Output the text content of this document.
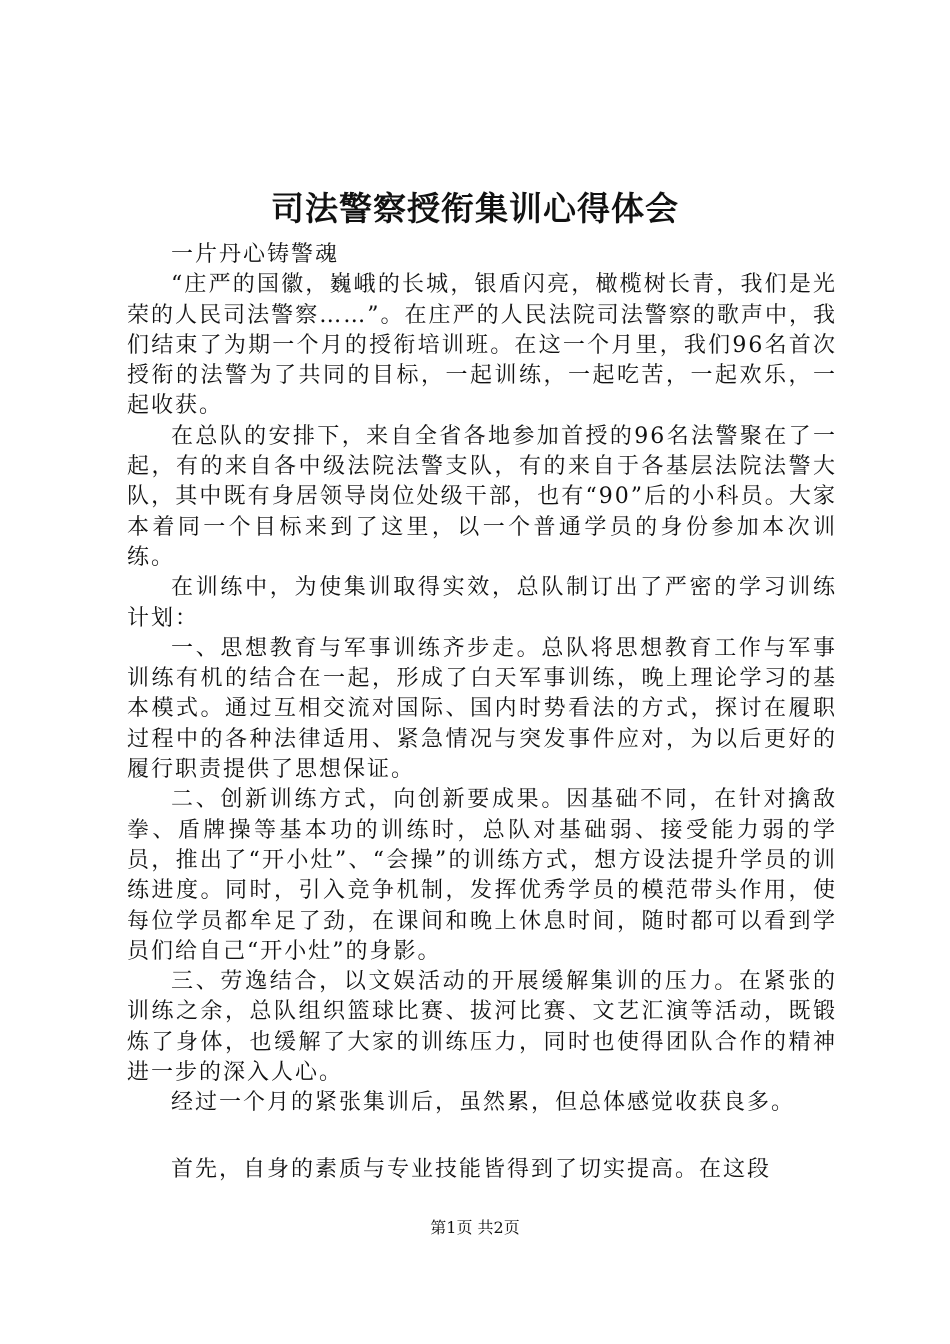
司法警察授衔集训心得体会

一片丹心铸警魂

“庄严的国徽，巍峨的长城，银盾闪亮，橄榄树长青，我们是光荣的人民司法警察……”。在庄严的人民法院司法警察的歌声中，我们结束了为期一个月的授衔培训班。在这一个月里，我们96名首次授衔的法警为了共同的目标，一起训练，一起吃苦，一起欢乐，一起收获。

在总队的安排下，来自全省各地参加首授的96名法警聚在了一起，有的来自各中级法院法警支队，有的来自于各基层法院法警大队，其中既有身居领导岗位处级干部，也有“90”后的小科员。大家本着同一个目标来到了这里，以一个普通学员的身份参加本次训练。

在训练中，为使集训取得实效，总队制订出了严密的学习训练计划：

一、思想教育与军事训练齐步走。总队将思想教育工作与军事训练有机的结合在一起，形成了白天军事训练，晚上理论学习的基本模式。通过互相交流对国际、国内时势看法的方式，探讨在履职过程中的各种法律适用、紧急情况与突发事件应对，为以后更好的履行职责提供了思想保证。

二、创新训练方式，向创新要成果。因基础不同，在针对擒敌拳、盾牌操等基本功的训练时，总队对基础弱、接受能力弱的学员，推出了“开小灶”、“会操”的训练方式，想方设法提升学员的训练进度。同时，引入竞争机制，发挥优秀学员的模范带头作用，使每位学员都牟足了劲，在课间和晚上休息时间，随时都可以看到学员们给自己“开小灶”的身影。

三、劳逸结合，以文娱活动的开展缓解集训的压力。在紧张的训练之余，总队组织篮球比赛、拔河比赛、文艺汇演等活动，既锻炼了身体，也缓解了大家的训练压力，同时也使得团队合作的精神进一步的深入人心。

经过一个月的紧张集训后，虽然累，但总体感觉收获良多。

首先，自身的素质与专业技能皆得到了切实提高。在这段

第1页 共2页
